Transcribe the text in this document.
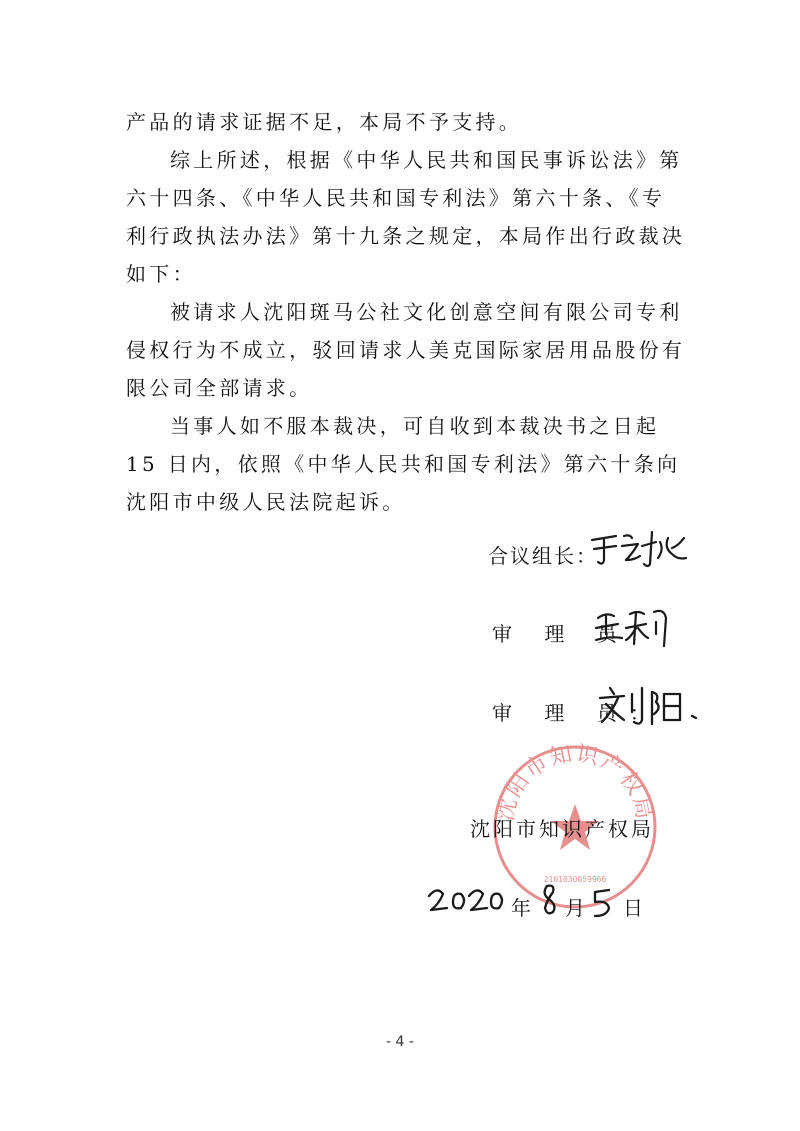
产品的请求证据不足，本局不予支持。

综上所述，根据《中华人民共和国民事诉讼法》第六十四条、《中华人民共和国专利法》第六十条、《专利行政执法办法》第十九条之规定，本局作出行政裁决如下：

被请求人沈阳斑马公社文化创意空间有限公司专利侵权行为不成立，驳回请求人美克国际家居用品股份有限公司全部请求。

当事人如不服本裁决，可自收到本裁决书之日起 15 日内，依照《中华人民共和国专利法》第六十条向沈阳市中级人民法院起诉。

合议组长：
审 理 员：
审 理 员：
沈阳市知识产权局
2101030059966
沈阳市知识产权局
年 月 日
- 4 -
